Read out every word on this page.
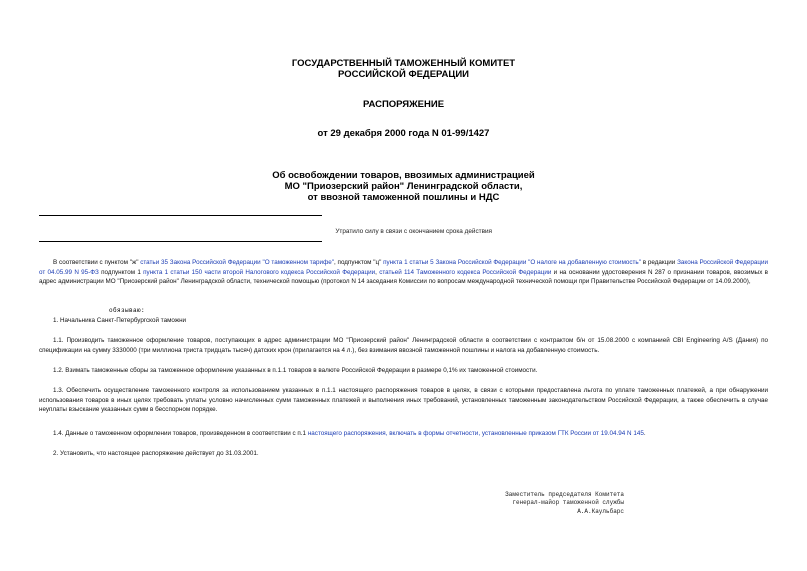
ГОСУДАРСТВЕННЫЙ ТАМОЖЕННЫЙ КОМИТЕТ
РОССИЙСКОЙ ФЕДЕРАЦИИ
РАСПОРЯЖЕНИЕ
от 29 декабря 2000 года N 01-99/1427
Об освобождении товаров, ввозимых администрацией
МО "Приозерский район" Ленинградской области,
от ввозной таможенной пошлины и НДС
Утратило силу в связи с окончанием срока действия
В соответствии с пунктом "ж" статьи 35 Закона Российской Федерации "О таможенном тарифе", подпунктом "ц" пункта 1 статьи 5 Закона Российской Федерации "О налоге на добавленную стоимость" в редакции Закона Российской Федерации от 04.05.99 N 95-ФЗ подпунктом 1 пункта 1 статьи 150 части второй Налогового кодекса Российской Федерации, статьей 114 Таможенного кодекса Российской Федерации и на основании удостоверения N 287 о признании товаров, ввозимых в адрес администрации МО "Приозерский район" Ленинградской области, технической помощью (протокол N 14 заседания Комиссии по вопросам международной технической помощи при Правительстве Российской Федерации от 14.09.2000),
обязываю:
1. Начальника Санкт-Петербургской таможни
1.1. Производить таможенное оформление товаров, поступающих в адрес администрации МО "Приозерский район" Ленинградской области в соответствии с контрактом б/н от 15.08.2000 с компанией CBI Engineering A/S (Дания) по спецификации на сумму 3330000 (три миллиона триста тридцать тысяч) датских крон (прилагается на 4 л.), без взимания ввозной таможенной пошлины и налога на добавленную стоимость.
1.2. Взимать таможенные сборы за таможенное оформление указанных в п.1.1 товаров в валюте Российской Федерации в размере 0,1% их таможенной стоимости.
1.3. Обеспечить осуществление таможенного контроля за использованием указанных в п.1.1 настоящего распоряжения товаров в целях, в связи с которыми предоставлена льгота по уплате таможенных платежей, а при обнаружении использования товаров в иных целях требовать уплаты условно начисленных сумм таможенных платежей и выполнения иных требований, установленных таможенным законодательством Российской Федерации, а также обеспечить в случае неуплаты взыскание указанных сумм в бесспорном порядке.
1.4. Данные о таможенном оформлении товаров, произведенном в соответствии с п.1 настоящего распоряжения, включать в формы отчетности, установленные приказом ГТК России от 19.04.94 N 145.
2. Установить, что настоящее распоряжение действует до 31.03.2001.
Заместитель председателя Комитета
генерал-майор таможенной службы
А.А.Каульбарс
